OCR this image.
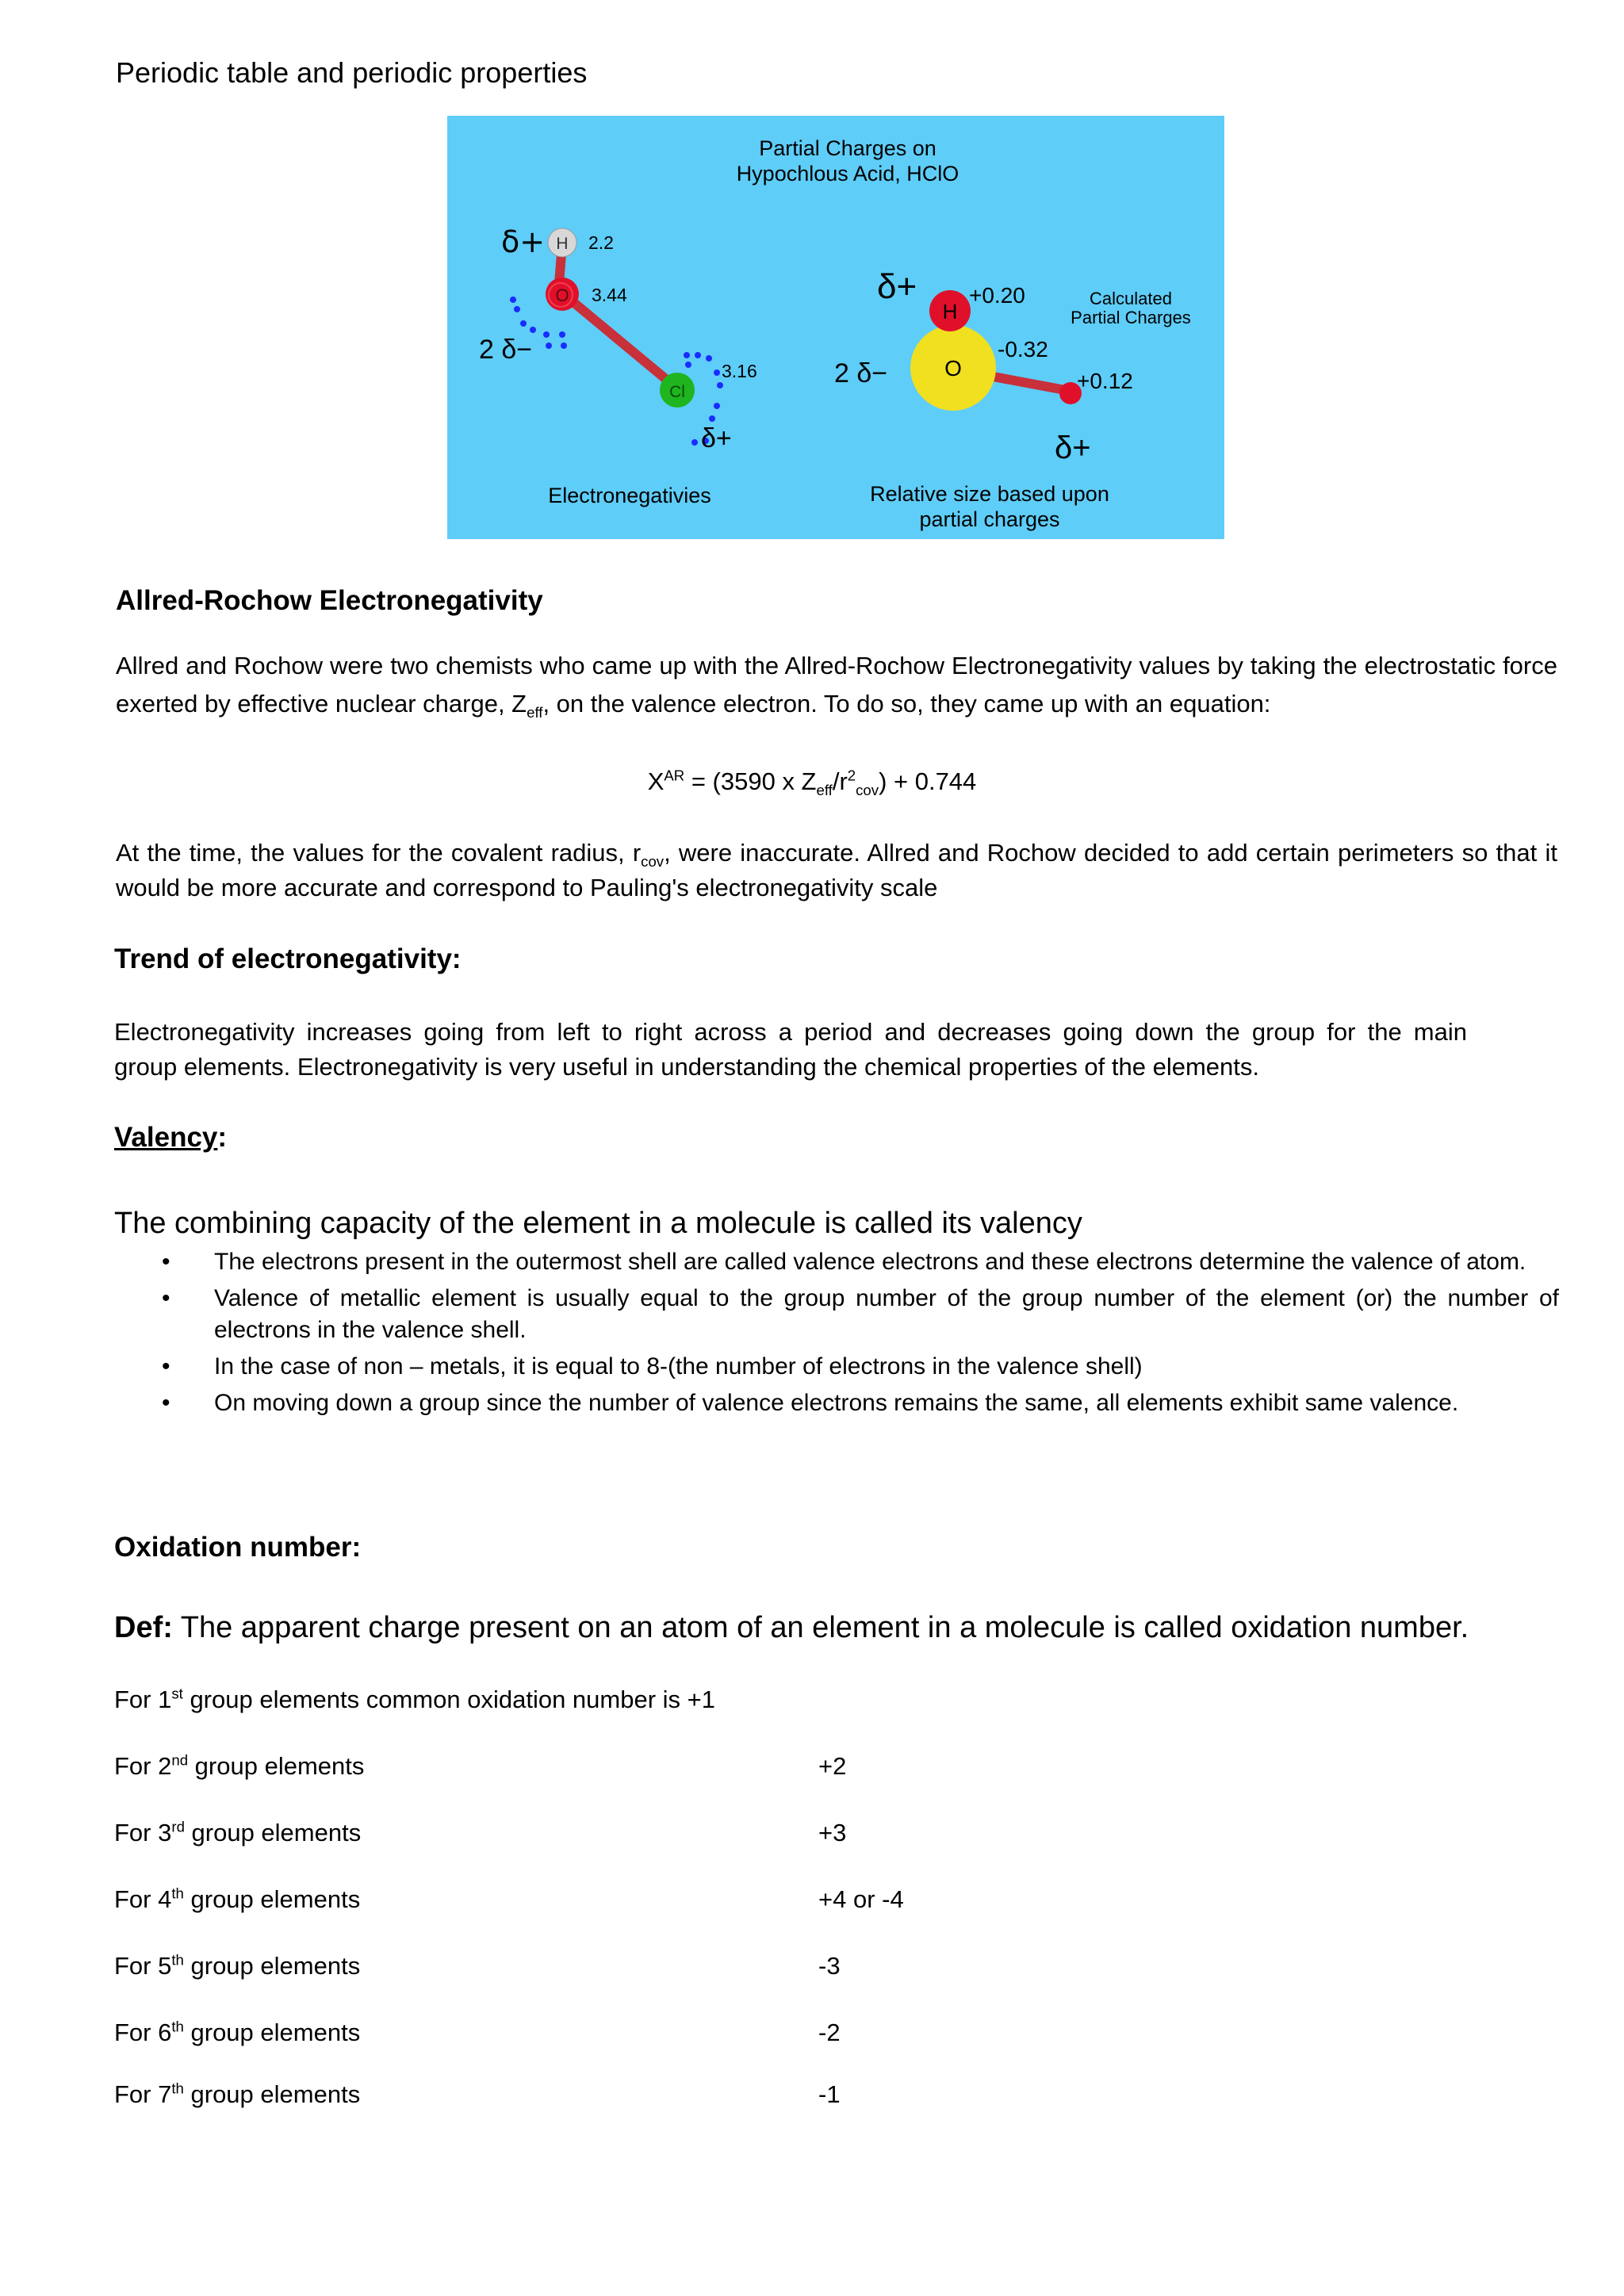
Periodic table and periodic properties
Partial Charges on
Hypochlous Acid, HClO
O
H
Cl
δ+ 2.2
3.44
3.16
2 δ−
δ+
Electronegativies
O
H
+0.20
-0.32
+0.12
δ+
2 δ−
δ+
Calculated
Partial Charges
Relative size based upon
partial charges
Allred-Rochow Electronegativity
Allred and Rochow were two chemists who came up with the Allred-Rochow Electronegativity values by taking the electrostatic force exerted by effective nuclear charge, $Z_{eff}$, on the valence electron. To do so, they came up with an equation:
$X^{AR} = (3590$ x $Z_{eff}/r^2_{cov}) + 0.744$
At the time, the values for the covalent radius, $r_{cov}$, were inaccurate. Allred and Rochow decided to add certain perimeters so that it would be more accurate and correspond to Pauling's electronegativity scale
Trend of electronegativity:
Electronegativity increases going from left to right across a period and decreases going down the group for the main
group elements. Electronegativity is very useful in understanding the chemical properties of the elements.
Valency:
The combining capacity of the element in a molecule is called its valency
• The electrons present in the outermost shell are called valence electrons and these electrons determine the valence of atom.
• Valence of metallic element is usually equal to the group number of the group number of the element (or) the number of electrons in the valence shell.
• In the case of non – metals, it is equal to 8-(the number of electrons in the valence shell)
• On moving down a group since the number of valence electrons remains the same, all elements exhibit same valence.
Oxidation number:
Def: The apparent charge present on an atom of an element in a molecule is called oxidation number.
For 1st group elements common oxidation number is +1
For 2nd group elements	+2
For 3rd group elements	+3
For 4th group elements	+4 or -4
For 5th group elements	-3
For 6th group elements	-2
For 7th group elements	-1
